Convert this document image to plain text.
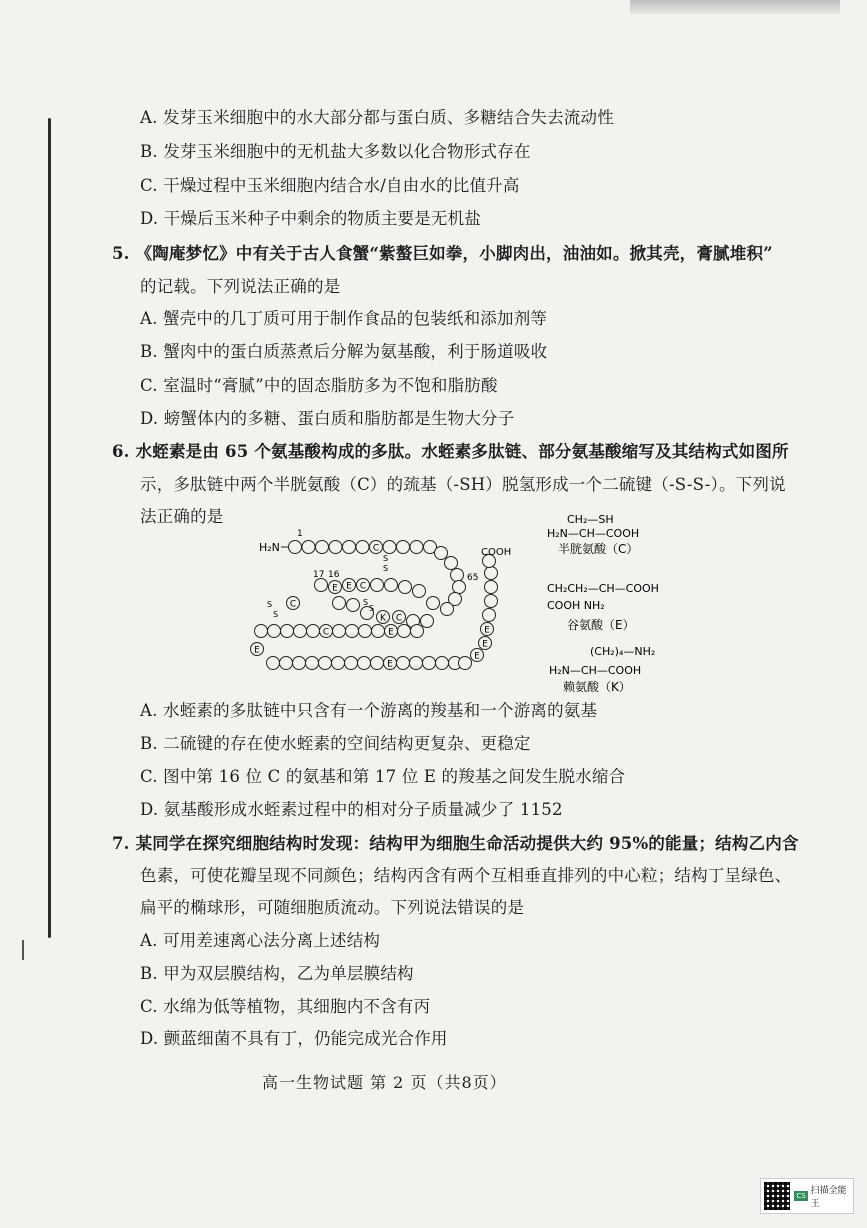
A. 发芽玉米细胞中的水大部分都与蛋白质、多糖结合失去流动性
B. 发芽玉米细胞中的无机盐大多数以化合物形式存在
C. 干燥过程中玉米细胞内结合水/自由水的比值升高
D. 干燥后玉米种子中剩余的物质主要是无机盐
5. 《陶庵梦忆》中有关于古人食蟹“紫螯巨如拳，小脚肉出，油油如。掀其壳，膏腻堆积”
的记载。下列说法正确的是
A. 蟹壳中的几丁质可用于制作食品的包装纸和添加剂等
B. 蟹肉中的蛋白质蒸煮后分解为氨基酸，利于肠道吸收
C. 室温时“膏腻”中的固态脂肪多为不饱和脂肪酸
D. 螃蟹体内的多糖、蛋白质和脂肪都是生物大分子
6. 水蛭素是由 65 个氨基酸构成的多肽。水蛭素多肽链、部分氨基酸缩写及其结构式如图所
示，多肽链中两个半胱氨酸（C）的巯基（-SH）脱氢形成一个二硫键（-S-S-）。下列说
法正确的是
C
E E C
K C
C
C	E
E
E
E
E
E
H₂N
1
16
17	65
COOH
S
S
S
S
S
S
CH₂—SH
H₂N—CH—COOH
半胱氨酸（C）
CH₂CH₂—CH—COOH
COOH NH₂
谷氨酸（E）
(CH₂)₄—NH₂
H₂N—CH—COOH
赖氨酸（K）
A. 水蛭素的多肽链中只含有一个游离的羧基和一个游离的氨基
B. 二硫键的存在使水蛭素的空间结构更复杂、更稳定
C. 图中第 16 位 C 的氨基和第 17 位 E 的羧基之间发生脱水缩合
D. 氨基酸形成水蛭素过程中的相对分子质量减少了 1152
7. 某同学在探究细胞结构时发现：结构甲为细胞生命活动提供大约 95%的能量；结构乙内含
色素，可使花瓣呈现不同颜色；结构丙含有两个互相垂直排列的中心粒；结构丁呈绿色、
扁平的椭球形，可随细胞质流动。下列说法错误的是
A. 可用差速离心法分离上述结构
B. 甲为双层膜结构，乙为单层膜结构
C. 水绵为低等植物，其细胞内不含有丙
D. 颤蓝细菌不具有丁，仍能完成光合作用
高一生物试题 第 2 页（共8页）
CS 扫描全能王
